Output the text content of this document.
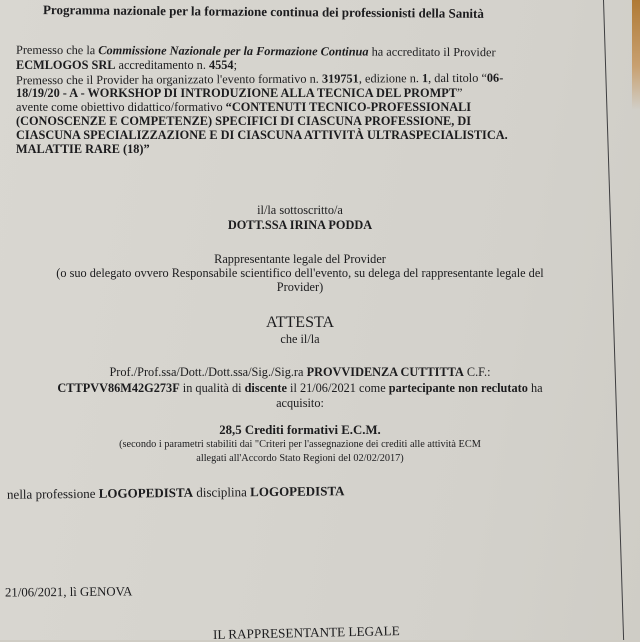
Programma nazionale per la formazione continua dei professionisti della Sanità
Premesso che la Commissione Nazionale per la Formazione Continua ha accreditato il Provider
ECMLOGOS SRL accreditamento n. 4554;
Premesso che il Provider ha organizzato l'evento formativo n. 319751, edizione n. 1, dal titolo “06-
18/19/20 - A - WORKSHOP DI INTRODUZIONE ALLA TECNICA DEL PROMPT”
avente come obiettivo didattico/formativo “CONTENUTI TECNICO-PROFESSIONALI
(CONOSCENZE E COMPETENZE) SPECIFICI DI CIASCUNA PROFESSIONE, DI
CIASCUNA SPECIALIZZAZIONE E DI CIASCUNA ATTIVITÀ ULTRASPECIALISTICA.
MALATTIE RARE (18)”
il/la sottoscritto/a
DOTT.SSA IRINA PODDA
Rappresentante legale del Provider
(o suo delegato ovvero Responsabile scientifico dell'evento, su delega del rappresentante legale del
Provider)
ATTESTA
che il/la
Prof./Prof.ssa/Dott./Dott.ssa/Sig./Sig.ra PROVVIDENZA CUTTITTA C.F.:
CTTPVV86M42G273F in qualità di discente il 21/06/2021 come partecipante non reclutato ha
acquisito:
28,5 Crediti formativi E.C.M.
(secondo i parametri stabiliti dai "Criteri per l'assegnazione dei crediti alle attività ECM
allegati all'Accordo Stato Regioni del 02/02/2017)
nella professione LOGOPEDISTA disciplina LOGOPEDISTA
21/06/2021, lì GENOVA
IL RAPPRESENTANTE LEGALE
